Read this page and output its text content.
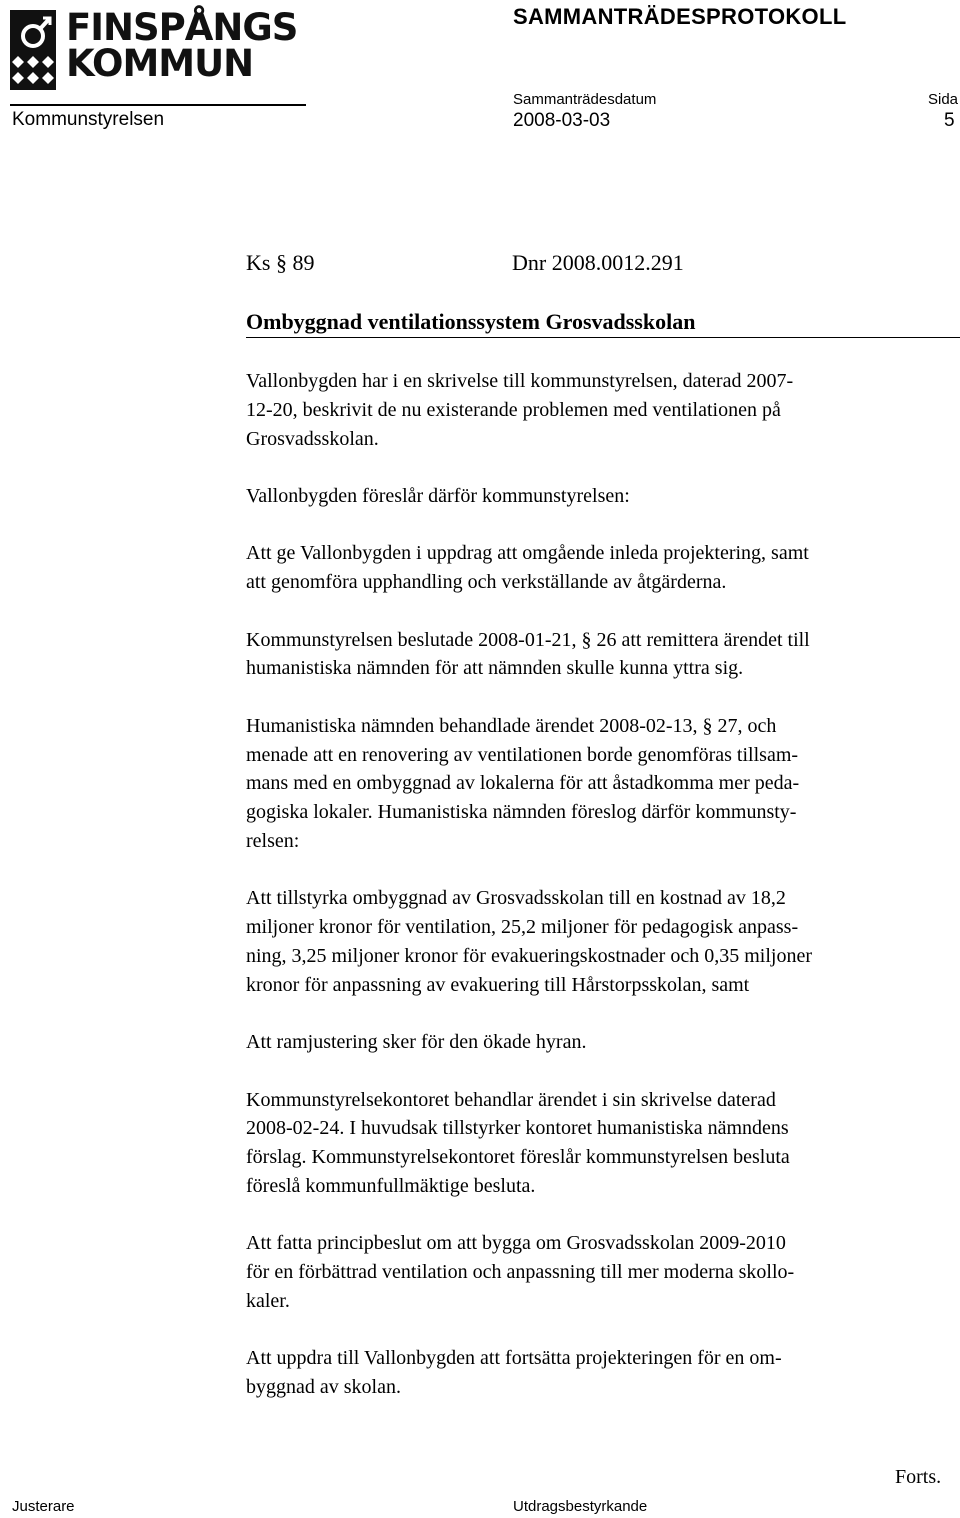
FINSPÅNGS
KOMMUN
SAMMANTRÄDESPROTOKOLL
Kommunstyrelsen
Sammanträdesdatum
2008-03-03
Sida
5
Ks § 89	Dnr 2008.0012.291
Ombyggnad ventilationssystem Grosvadsskolan

Vallonbygden har i en skrivelse till kommunstyrelsen, daterad 2007-
12-20, beskrivit de nu existerande problemen med ventilationen på
Grosvadsskolan.

Vallonbygden föreslår därför kommunstyrelsen:

Att ge Vallonbygden i uppdrag att omgående inleda projektering, samt
att genomföra upphandling och verkställande av åtgärderna.

Kommunstyrelsen beslutade 2008-01-21, § 26 att remittera ärendet till
humanistiska nämnden för att nämnden skulle kunna yttra sig.

Humanistiska nämnden behandlade ärendet 2008-02-13, § 27, och
menade att en renovering av ventilationen borde genomföras tillsam-
mans med en ombyggnad av lokalerna för att åstadkomma mer peda-
gogiska lokaler. Humanistiska nämnden föreslog därför kommunsty-
relsen:

Att tillstyrka ombyggnad av Grosvadsskolan till en kostnad av 18,2
miljoner kronor för ventilation, 25,2 miljoner för pedagogisk anpass-
ning, 3,25 miljoner kronor för evakueringskostnader och 0,35 miljoner
kronor för anpassning av evakuering till Hårstorpsskolan, samt

Att ramjustering sker för den ökade hyran.

Kommunstyrelsekontoret behandlar ärendet i sin skrivelse daterad
2008-02-24. I huvudsak tillstyrker kontoret humanistiska nämndens
förslag. Kommunstyrelsekontoret föreslår kommunstyrelsen besluta
föreslå kommunfullmäktige besluta.

Att fatta principbeslut om att bygga om Grosvadsskolan 2009-2010
för en förbättrad ventilation och anpassning till mer moderna skollo-
kaler.

Att uppdra till Vallonbygden att fortsätta projekteringen för en om-
byggnad av skolan.

Forts.
Justerare	Utdragsbestyrkande
